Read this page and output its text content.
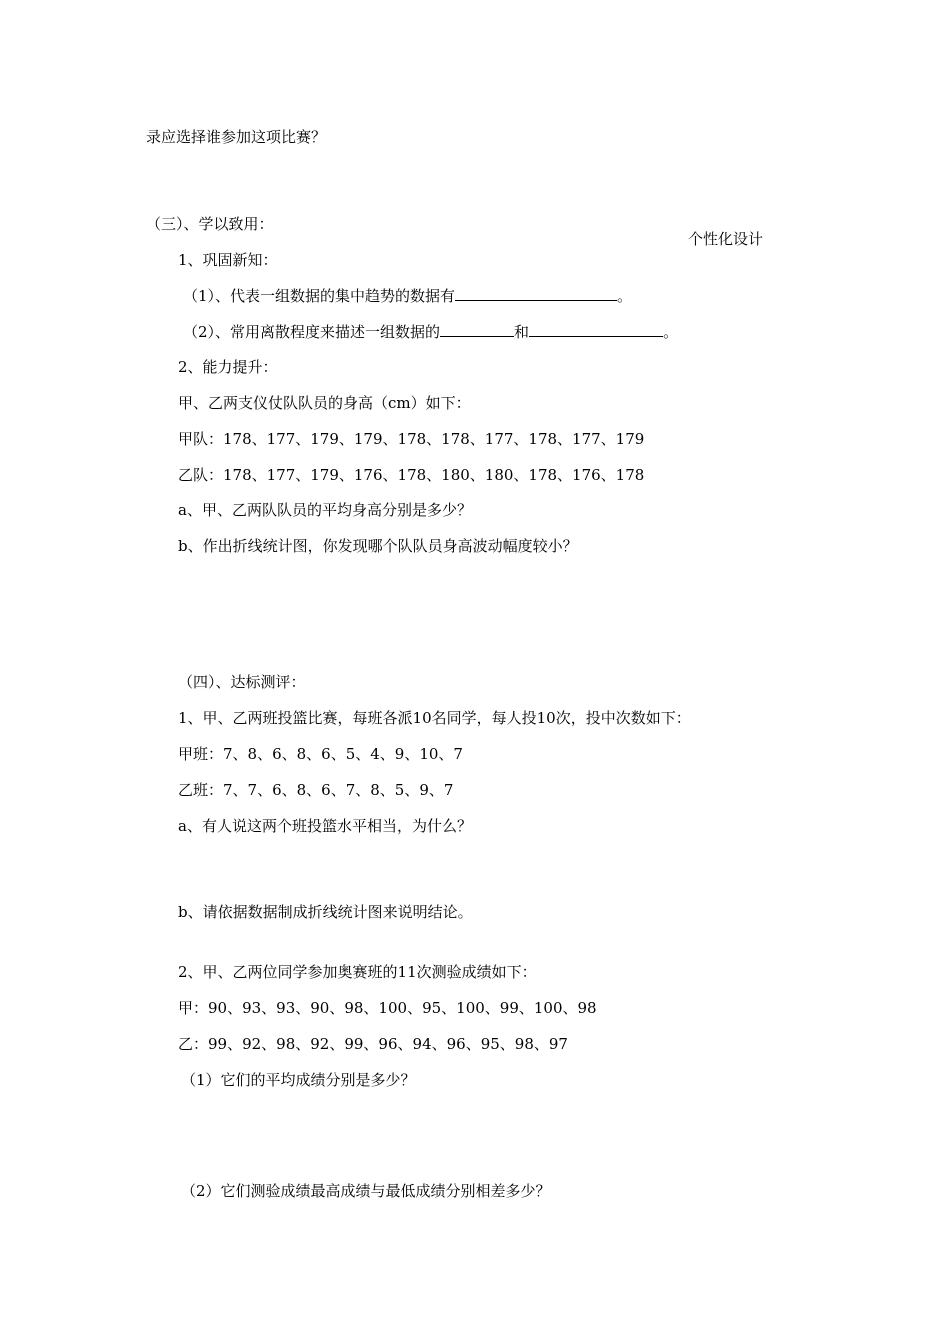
录应选择谁参加这项比赛？
（三）、学以致用：
个性化设计
1、巩固新知：
（1）、代表一组数据的集中趋势的数据有	。
（2）、常用离散程度来描述一组数据的	和	。
2、能力提升：
甲、乙两支仪仗队队员的身高（cm）如下：
甲队：178、177、179、179、178、178、177、178、177、179
乙队：178、177、179、176、178、180、180、178、176、178
a、甲、乙两队队员的平均身高分别是多少？
b、作出折线统计图，你发现哪个队队员身高波动幅度较小？
（四）、达标测评：
1、甲、乙两班投篮比赛，每班各派10名同学，每人投10次，投中次数如下：
甲班：7、8、6、8、6、5、4、9、10、7
乙班：7、7、6、8、6、7、8、5、9、7
a、有人说这两个班投篮水平相当，为什么？
b、请依据数据制成折线统计图来说明结论。
2、甲、乙两位同学参加奥赛班的11次测验成绩如下：
甲：90、93、93、90、98、100、95、100、99、100、98
乙：99、92、98、92、99、96、94、96、95、98、97
（1）它们的平均成绩分别是多少？
（2）它们测验成绩最高成绩与最低成绩分别相差多少？
